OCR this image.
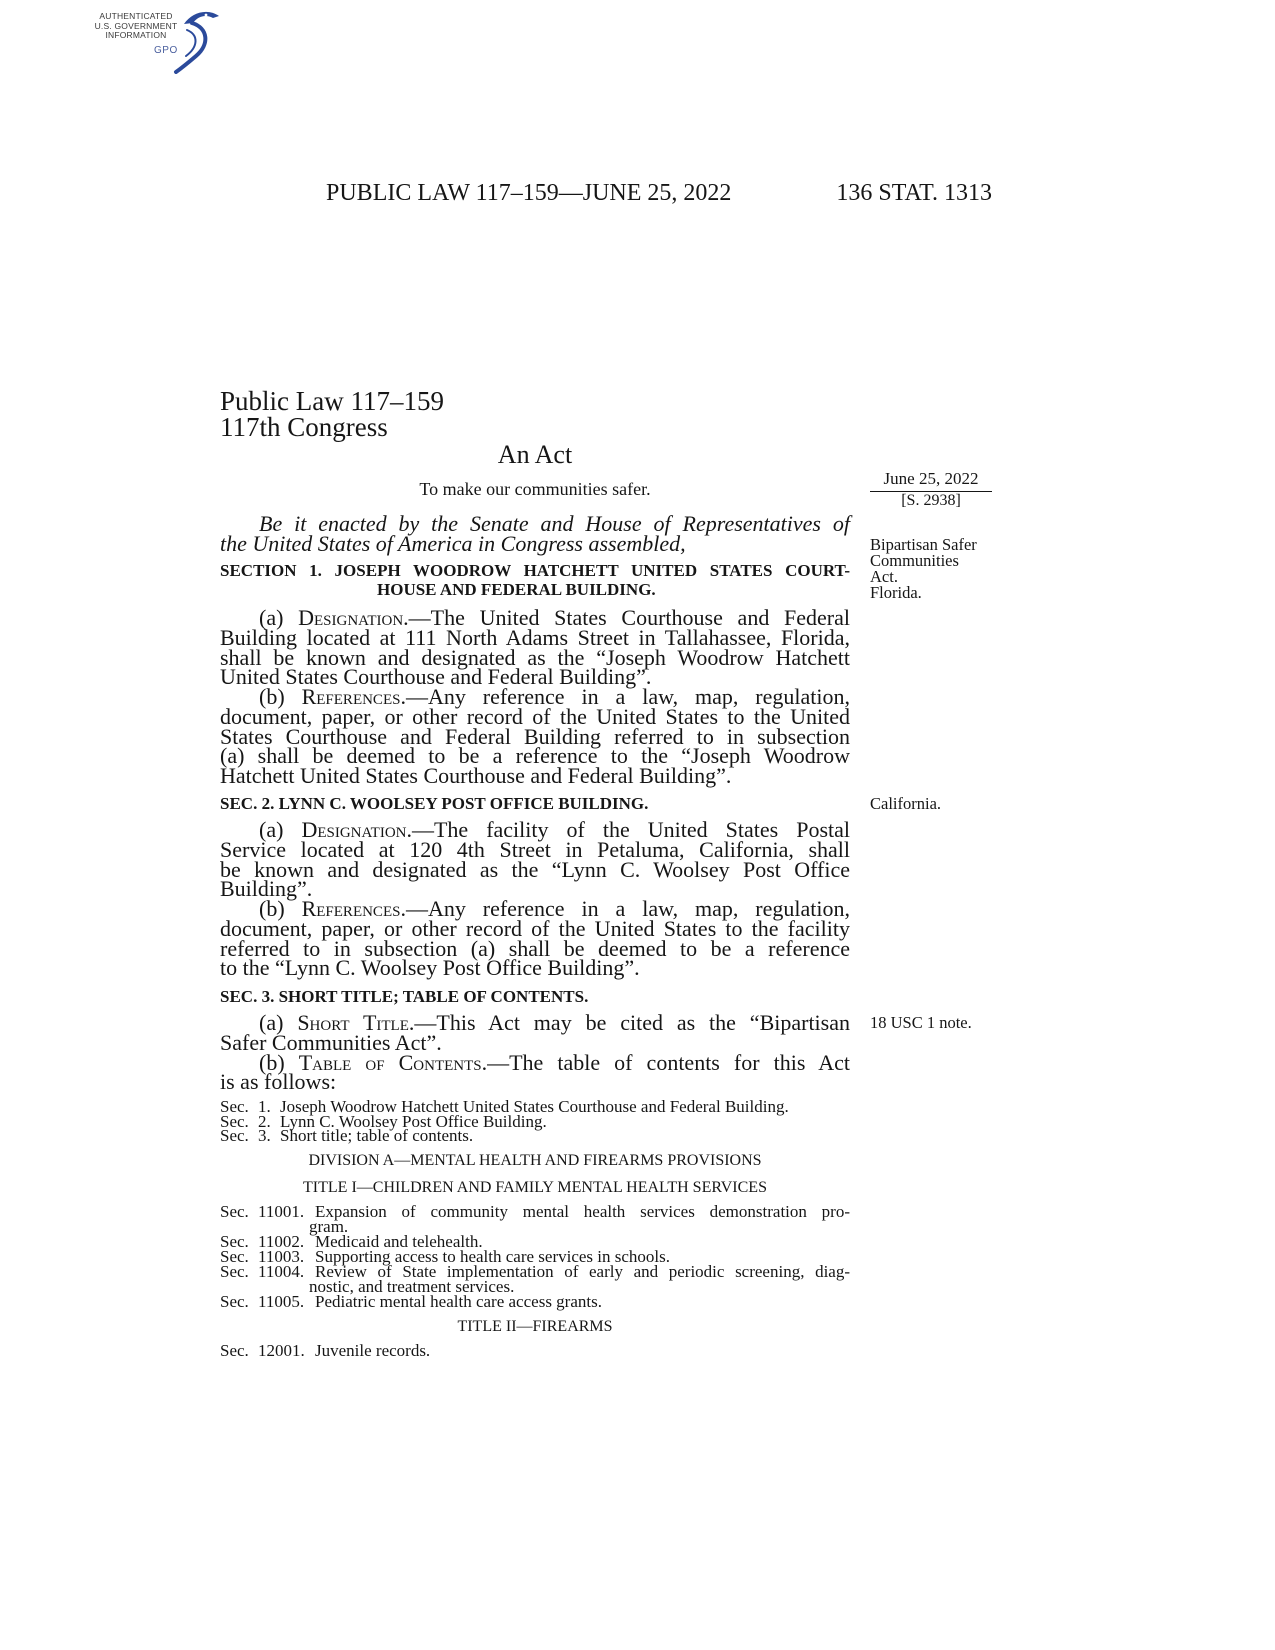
AUTHENTICATED
U.S. GOVERNMENT
INFORMATION
GPO
PUBLIC LAW 117–159—JUNE 25, 2022	136 STAT. 1313
Public Law 117–159
117th Congress
An Act
To make our communities safer.
June 25, 2022
[S. 2938]
Bipartisan Safer
Communities
Act.
Florida.
California.
18 USC 1 note.
Be it enacted by the Senate and House of Representatives of
the United States of America in Congress assembled,
SECTION 1. JOSEPH WOODROW HATCHETT UNITED STATES COURT-
HOUSE AND FEDERAL BUILDING.
(a) Designation.—The United States Courthouse and Federal
Building located at 111 North Adams Street in Tallahassee, Florida,
shall be known and designated as the “Joseph Woodrow Hatchett
United States Courthouse and Federal Building”.
(b) References.—Any reference in a law, map, regulation,
document, paper, or other record of the United States to the United
States Courthouse and Federal Building referred to in subsection
(a) shall be deemed to be a reference to the “Joseph Woodrow
Hatchett United States Courthouse and Federal Building”.
SEC. 2. LYNN C. WOOLSEY POST OFFICE BUILDING.
(a) Designation.—The facility of the United States Postal
Service located at 120 4th Street in Petaluma, California, shall
be known and designated as the “Lynn C. Woolsey Post Office
Building”.
(b) References.—Any reference in a law, map, regulation,
document, paper, or other record of the United States to the facility
referred to in subsection (a) shall be deemed to be a reference
to the “Lynn C. Woolsey Post Office Building”.
SEC. 3. SHORT TITLE; TABLE OF CONTENTS.
(a) Short Title.—This Act may be cited as the “Bipartisan
Safer Communities Act”.
(b) Table of Contents.—The table of contents for this Act
is as follows:
Sec. 1. Joseph Woodrow Hatchett United States Courthouse and Federal Building.
Sec. 2. Lynn C. Woolsey Post Office Building.
Sec. 3. Short title; table of contents.
DIVISION A—MENTAL HEALTH AND FIREARMS PROVISIONS
TITLE I—CHILDREN AND FAMILY MENTAL HEALTH SERVICES
Sec. 11001. Expansion of community mental health services demonstration pro-
gram.
Sec. 11002. Medicaid and telehealth.
Sec. 11003. Supporting access to health care services in schools.
Sec. 11004. Review of State implementation of early and periodic screening, diag-
nostic, and treatment services.
Sec. 11005. Pediatric mental health care access grants.
TITLE II—FIREARMS
Sec. 12001. Juvenile records.
